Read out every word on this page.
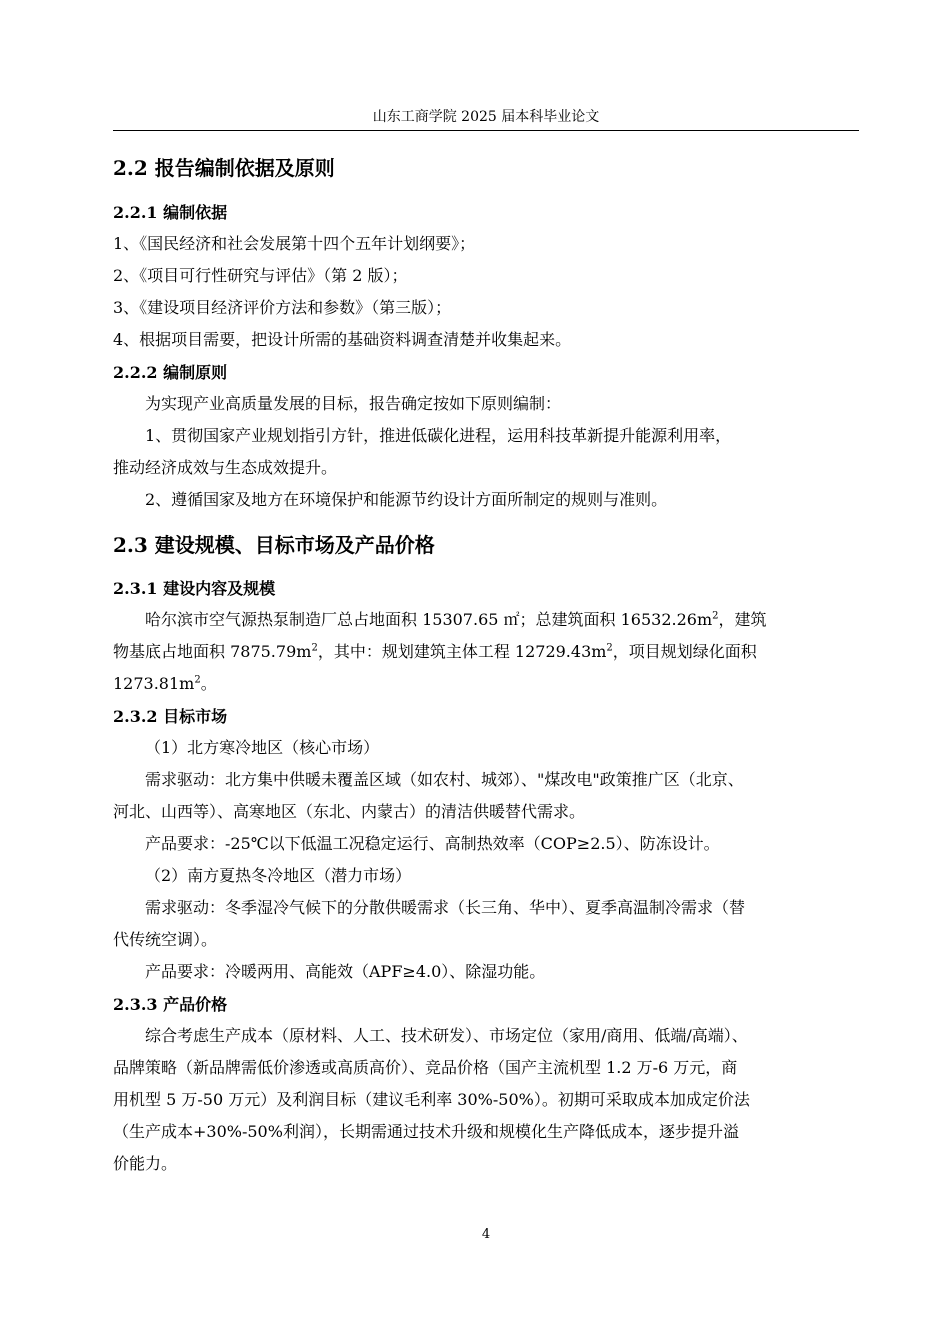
山东工商学院 2025 届本科毕业论文
2.2 报告编制依据及原则
2.2.1 编制依据
1、《国民经济和社会发展第十四个五年计划纲要》；
2、《项目可行性研究与评估》（第 2 版）；
3、《建设项目经济评价方法和参数》（第三版）；
4、根据项目需要，把设计所需的基础资料调查清楚并收集起来。
2.2.2 编制原则
为实现产业高质量发展的目标，报告确定按如下原则编制：
1、贯彻国家产业规划指引方针，推进低碳化进程，运用科技革新提升能源利用率，
推动经济成效与生态成效提升。
2、遵循国家及地方在环境保护和能源节约设计方面所制定的规则与准则。
2.3 建设规模、目标市场及产品价格
2.3.1 建设内容及规模
哈尔滨市空气源热泵制造厂总占地面积 15307.65 ㎡；总建筑面积 $16532.26m^2$，建筑
物基底占地面积 $7875.79m^2$，其中：规划建筑主体工程 $12729.43m^2$，项目规划绿化面积
$1273.81m^2$。
2.3.2 目标市场
（1）北方寒冷地区（核心市场）
需求驱动：北方集中供暖未覆盖区域（如农村、城郊）、"煤改电"政策推广区（北京、
河北、山西等）、高寒地区（东北、内蒙古）的清洁供暖替代需求。
产品要求：-25℃以下低温工况稳定运行、高制热效率（COP≥2.5）、防冻设计。
（2）南方夏热冬冷地区（潜力市场）
需求驱动：冬季湿冷气候下的分散供暖需求（长三角、华中）、夏季高温制冷需求（替
代传统空调）。
产品要求：冷暖两用、高能效（APF≥4.0）、除湿功能。
2.3.3 产品价格
综合考虑生产成本（原材料、人工、技术研发）、市场定位（家用/商用、低端/高端）、
品牌策略（新品牌需低价渗透或高质高价）、竞品价格（国产主流机型 1.2 万-6 万元，商
用机型 5 万-50 万元）及利润目标（建议毛利率 30%-50%）。初期可采取成本加成定价法
（生产成本+30%-50%利润），长期需通过技术升级和规模化生产降低成本，逐步提升溢
价能力。
4
